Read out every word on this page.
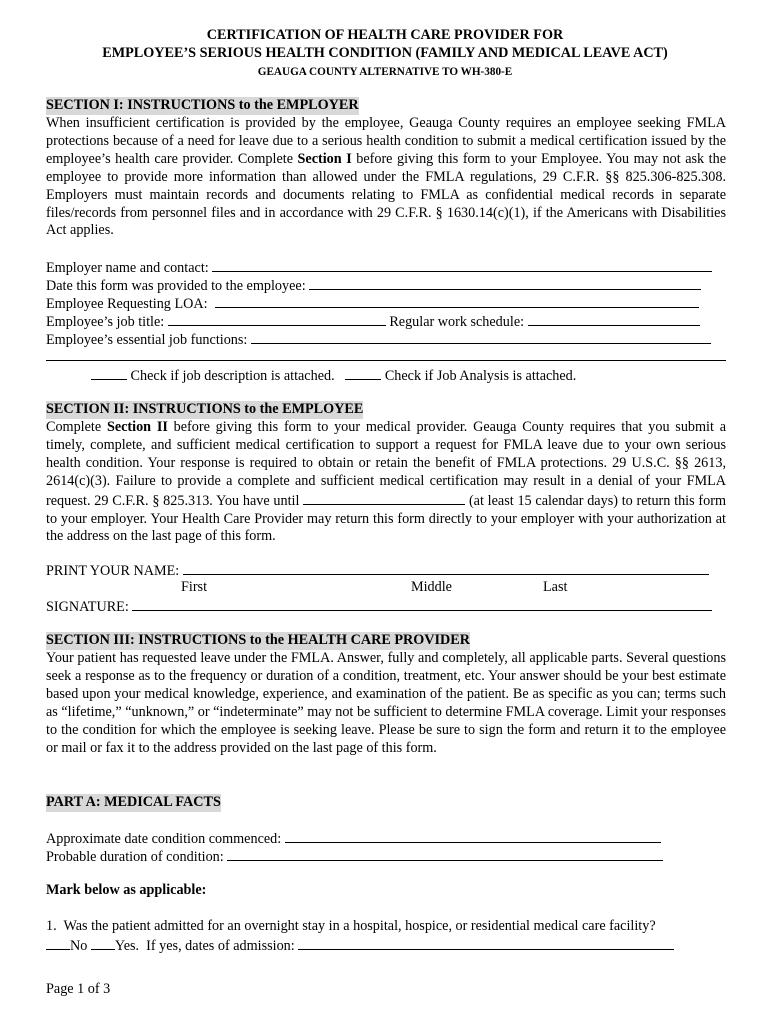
CERTIFICATION OF HEALTH CARE PROVIDER FOR
EMPLOYEE’S SERIOUS HEALTH CONDITION (FAMILY AND MEDICAL LEAVE ACT)
GEAUGA COUNTY ALTERNATIVE TO WH-380-E
SECTION I: INSTRUCTIONS to the EMPLOYER

When insufficient certification is provided by the employee, Geauga County requires an employee seeking FMLA protections because of a need for leave due to a serious health condition to submit a medical certification issued by the employee’s health care provider. Complete Section I before giving this form to your Employee. You may not ask the employee to provide more information than allowed under the FMLA regulations, 29 C.F.R. §§ 825.306-825.308. Employers must maintain records and documents relating to FMLA as confidential medical records in separate files/records from personnel files and in accordance with 29 C.F.R. § 1630.14(c)(1), if the Americans with Disabilities Act applies.

Employer name and contact:
Date this form was provided to the employee:
Employee Requesting LOA:
Employee’s job title:	Regular work schedule:
Employee’s essential job functions:
Check if job description is attached.	Check if Job Analysis is attached.
SECTION II: INSTRUCTIONS to the EMPLOYEE

Complete Section II before giving this form to your medical provider. Geauga County requires that you submit a timely, complete, and sufficient medical certification to support a request for FMLA leave due to your own serious health condition. Your response is required to obtain or retain the benefit of FMLA protections. 29 U.S.C. §§ 2613, 2614(c)(3). Failure to provide a complete and sufficient medical certification may result in a denial of your FMLA request. 29 C.F.R. § 825.313. You have until	(at least 15 calendar days) to return this form to your employer. Your Health Care Provider may return this form directly to your employer with your authorization at the address on the last page of this form.

PRINT YOUR NAME:
First	Middle	Last
SIGNATURE:
SECTION III: INSTRUCTIONS to the HEALTH CARE PROVIDER

Your patient has requested leave under the FMLA. Answer, fully and completely, all applicable parts. Several questions seek a response as to the frequency or duration of a condition, treatment, etc. Your answer should be your best estimate based upon your medical knowledge, experience, and examination of the patient. Be as specific as you can; terms such as “lifetime,” “unknown,” or “indeterminate” may not be sufficient to determine FMLA coverage. Limit your responses to the condition for which the employee is seeking leave. Please be sure to sign the form and return it to the employee or mail or fax it to the address provided on the last page of this form.

PART A: MEDICAL FACTS
Approximate date condition commenced:
Probable duration of condition:
Mark below as applicable:
1.  Was the patient admitted for an overnight stay in a hospital, hospice, or residential medical care facility?
No Yes.  If yes, dates of admission:
Page 1 of 3
